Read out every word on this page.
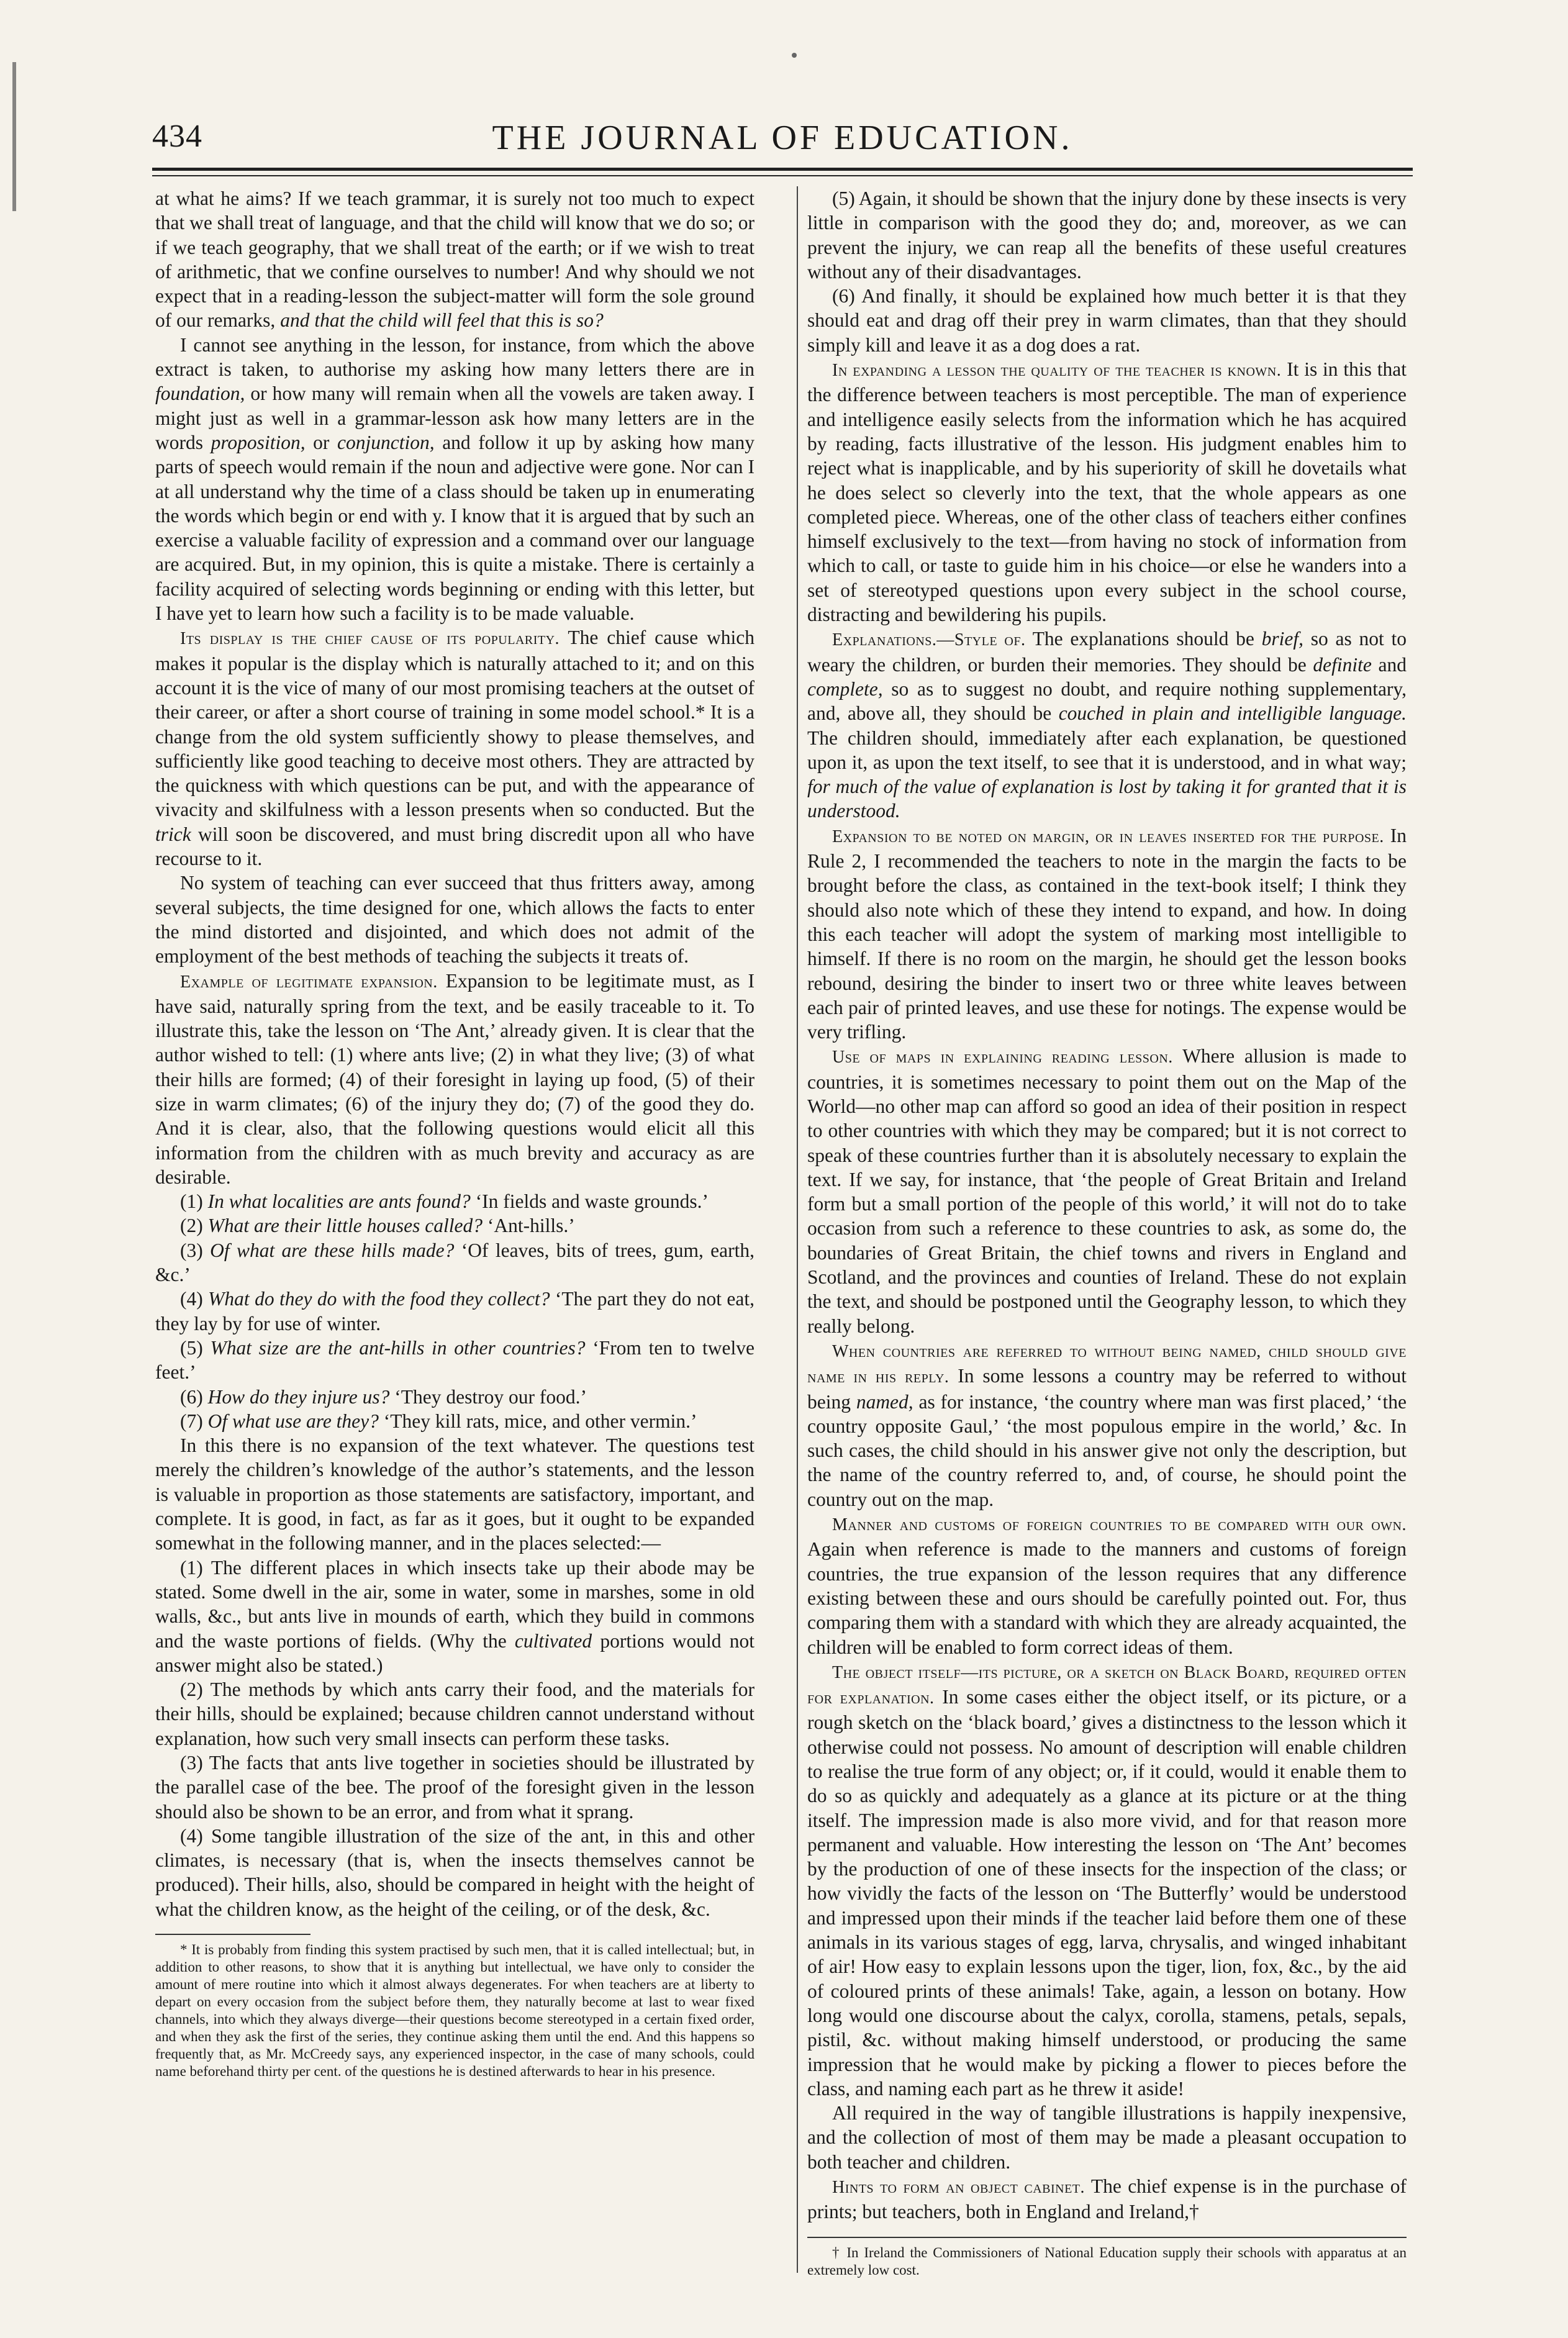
434	THE JOURNAL OF EDUCATION.

at what he aims? If we teach grammar, it is surely not too much to expect that we shall treat of language, and that the child will know that we do so; or if we teach geography, that we shall treat of the earth; or if we wish to treat of arithmetic, that we confine ourselves to number! And why should we not expect that in a reading-lesson the subject-matter will form the sole ground of our remarks, and that the child will feel that this is so?

I cannot see anything in the lesson, for instance, from which the above extract is taken, to authorise my asking how many letters there are in foundation, or how many will remain when all the vowels are taken away. I might just as well in a grammar-lesson ask how many letters are in the words proposition, or conjunction, and follow it up by asking how many parts of speech would remain if the noun and adjective were gone. Nor can I at all understand why the time of a class should be taken up in enumerating the words which begin or end with y. I know that it is argued that by such an exercise a valuable facility of expression and a command over our language are acquired. But, in my opinion, this is quite a mistake. There is certainly a facility acquired of selecting words beginning or ending with this letter, but I have yet to learn how such a facility is to be made valuable.

Its display is the chief cause of its popularity. The chief cause which makes it popular is the display which is naturally attached to it; and on this account it is the vice of many of our most promising teachers at the outset of their career, or after a short course of training in some model school.* It is a change from the old system sufficiently showy to please themselves, and sufficiently like good teaching to deceive most others. They are attracted by the quickness with which questions can be put, and with the appearance of vivacity and skilfulness with a lesson presents when so conducted. But the trick will soon be discovered, and must bring discredit upon all who have recourse to it.

No system of teaching can ever succeed that thus fritters away, among several subjects, the time designed for one, which allows the facts to enter the mind distorted and disjointed, and which does not admit of the employment of the best methods of teaching the subjects it treats of.

Example of legitimate expansion. Expansion to be legitimate must, as I have said, naturally spring from the text, and be easily traceable to it. To illustrate this, take the lesson on ‘The Ant,’ already given. It is clear that the author wished to tell: (1) where ants live; (2) in what they live; (3) of what their hills are formed; (4) of their foresight in laying up food, (5) of their size in warm climates; (6) of the injury they do; (7) of the good they do. And it is clear, also, that the following questions would elicit all this information from the children with as much brevity and accuracy as are desirable.

(1) In what localities are ants found? ‘In fields and waste grounds.’

(2) What are their little houses called? ‘Ant-hills.’

(3) Of what are these hills made? ‘Of leaves, bits of trees, gum, earth, &c.’

(4) What do they do with the food they collect? ‘The part they do not eat, they lay by for use of winter.

(5) What size are the ant-hills in other countries? ‘From ten to twelve feet.’

(6) How do they injure us? ‘They destroy our food.’

(7) Of what use are they? ‘They kill rats, mice, and other vermin.’

In this there is no expansion of the text whatever. The questions test merely the children’s knowledge of the author’s statements, and the lesson is valuable in proportion as those statements are satisfactory, important, and complete. It is good, in fact, as far as it goes, but it ought to be expanded somewhat in the following manner, and in the places selected:—

(1) The different places in which insects take up their abode may be stated. Some dwell in the air, some in water, some in marshes, some in old walls, &c., but ants live in mounds of earth, which they build in commons and the waste portions of fields. (Why the cultivated portions would not answer might also be stated.)

(2) The methods by which ants carry their food, and the materials for their hills, should be explained; because children cannot understand without explanation, how such very small insects can perform these tasks.

(3) The facts that ants live together in societies should be illustrated by the parallel case of the bee. The proof of the foresight given in the lesson should also be shown to be an error, and from what it sprang.

(4) Some tangible illustration of the size of the ant, in this and other climates, is necessary (that is, when the insects themselves cannot be produced). Their hills, also, should be compared in height with the height of what the children know, as the height of the ceiling, or of the desk, &c.

* It is probably from finding this system practised by such men, that it is called intellectual; but, in addition to other reasons, to show that it is anything but intellectual, we have only to consider the amount of mere routine into which it almost always degenerates. For when teachers are at liberty to depart on every occasion from the subject before them, they naturally become at last to wear fixed channels, into which they always diverge—their questions become stereotyped in a certain fixed order, and when they ask the first of the series, they continue asking them until the end. And this happens so frequently that, as Mr. McCreedy says, any experienced inspector, in the case of many schools, could name beforehand thirty per cent. of the questions he is destined afterwards to hear in his presence.

(5) Again, it should be shown that the injury done by these insects is very little in comparison with the good they do; and, moreover, as we can prevent the injury, we can reap all the benefits of these useful creatures without any of their disadvantages.

(6) And finally, it should be explained how much better it is that they should eat and drag off their prey in warm climates, than that they should simply kill and leave it as a dog does a rat.

In expanding a lesson the quality of the teacher is known. It is in this that the difference between teachers is most perceptible. The man of experience and intelligence easily selects from the information which he has acquired by reading, facts illustrative of the lesson. His judgment enables him to reject what is inapplicable, and by his superiority of skill he dovetails what he does select so cleverly into the text, that the whole appears as one completed piece. Whereas, one of the other class of teachers either confines himself exclusively to the text—from having no stock of information from which to call, or taste to guide him in his choice—or else he wanders into a set of stereotyped questions upon every subject in the school course, distracting and bewildering his pupils.

Explanations.—Style of. The explanations should be brief, so as not to weary the children, or burden their memories. They should be definite and complete, so as to suggest no doubt, and require nothing supplementary, and, above all, they should be couched in plain and intelligible language. The children should, immediately after each explanation, be questioned upon it, as upon the text itself, to see that it is understood, and in what way; for much of the value of explanation is lost by taking it for granted that it is understood.

Expansion to be noted on margin, or in leaves inserted for the purpose. In Rule 2, I recommended the teachers to note in the margin the facts to be brought before the class, as contained in the text-book itself; I think they should also note which of these they intend to expand, and how. In doing this each teacher will adopt the system of marking most intelligible to himself. If there is no room on the margin, he should get the lesson books rebound, desiring the binder to insert two or three white leaves between each pair of printed leaves, and use these for notings. The expense would be very trifling.

Use of maps in explaining reading lesson. Where allusion is made to countries, it is sometimes necessary to point them out on the Map of the World—no other map can afford so good an idea of their position in respect to other countries with which they may be compared; but it is not correct to speak of these countries further than it is absolutely necessary to explain the text. If we say, for instance, that ‘the people of Great Britain and Ireland form but a small portion of the people of this world,’ it will not do to take occasion from such a reference to these countries to ask, as some do, the boundaries of Great Britain, the chief towns and rivers in England and Scotland, and the provinces and counties of Ireland. These do not explain the text, and should be postponed until the Geography lesson, to which they really belong.

When countries are referred to without being named, child should give name in his reply. In some lessons a country may be referred to without being named, as for instance, ‘the country where man was first placed,’ ‘the country opposite Gaul,’ ‘the most populous empire in the world,’ &c. In such cases, the child should in his answer give not only the description, but the name of the country referred to, and, of course, he should point the country out on the map.

Manner and customs of foreign countries to be compared with our own. Again when reference is made to the manners and customs of foreign countries, the true expansion of the lesson requires that any difference existing between these and ours should be carefully pointed out. For, thus comparing them with a standard with which they are already acquainted, the children will be enabled to form correct ideas of them.

The object itself—its picture, or a sketch on Black Board, required often for explanation. In some cases either the object itself, or its picture, or a rough sketch on the ‘black board,’ gives a distinctness to the lesson which it otherwise could not possess. No amount of description will enable children to realise the true form of any object; or, if it could, would it enable them to do so as quickly and adequately as a glance at its picture or at the thing itself. The impression made is also more vivid, and for that reason more permanent and valuable. How interesting the lesson on ‘The Ant’ becomes by the production of one of these insects for the inspection of the class; or how vividly the facts of the lesson on ‘The Butterfly’ would be understood and impressed upon their minds if the teacher laid before them one of these animals in its various stages of egg, larva, chrysalis, and winged inhabitant of air! How easy to explain lessons upon the tiger, lion, fox, &c., by the aid of coloured prints of these animals! Take, again, a lesson on botany. How long would one discourse about the calyx, corolla, stamens, petals, sepals, pistil, &c. without making himself understood, or producing the same impression that he would make by picking a flower to pieces before the class, and naming each part as he threw it aside!

All required in the way of tangible illustrations is happily inexpensive, and the collection of most of them may be made a pleasant occupation to both teacher and children.

Hints to form an object cabinet. The chief expense is in the purchase of prints; but teachers, both in England and Ireland,†

† In Ireland the Commissioners of National Education supply their schools with apparatus at an extremely low cost.
